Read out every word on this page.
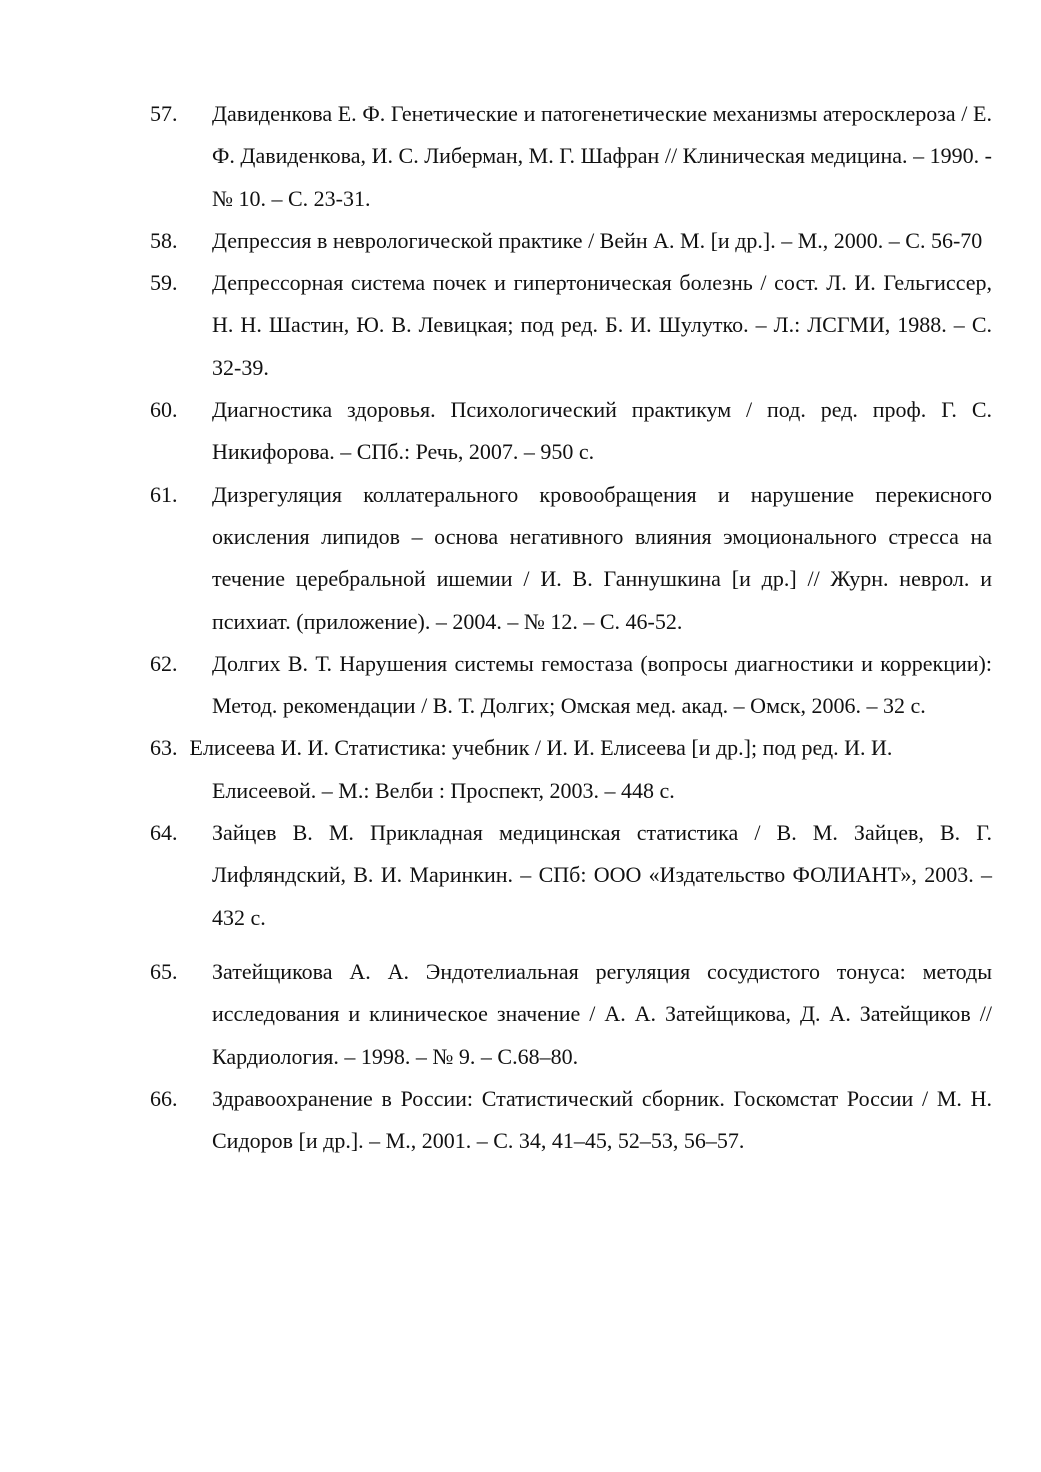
57.	Давиденкова Е. Ф. Генетические и патогенетические механизмы атеросклероза / Е. Ф. Давиденкова, И. С. Либерман, М. Г. Шафран // Клиническая медицина. – 1990. - № 10. – С. 23-31.
58.	Депрессия в неврологической практике / Вейн А. М. [и др.]. – М., 2000. – С. 56-70
59.	Депрессорная система почек и гипертоническая болезнь / сост. Л. И. Гельгиссер, Н. Н. Шастин, Ю. В. Левицкая; под ред. Б. И. Шулутко. – Л.: ЛСГМИ, 1988. – С. 32-39.
60.	Диагностика здоровья. Психологический практикум / под. ред. проф. Г. С. Никифорова. – СПб.: Речь, 2007. – 950 с.
61.	Дизрегуляция коллатерального кровообращения и нарушение перекисного окисления липидов – основа негативного влияния эмоционального стресса на течение церебральной ишемии / И. В. Ганнушкина [и др.] // Журн. неврол. и психиат. (приложение). – 2004. – № 12. – С. 46-52.
62.	Долгих В. Т. Нарушения системы гемостаза (вопросы диагностики и коррекции): Метод. рекомендации / В. Т. Долгих; Омская мед. акад. – Омск, 2006. – 32 с.
63. Елисеева И. И. Статистика: учебник / И. И. Елисеева [и др.]; под ред. И. И. Елисеевой. – М.: Велби : Проспект, 2003. – 448 с.
64.	Зайцев В. М. Прикладная медицинская статистика / В. М. Зайцев, В. Г. Лифляндский, В. И. Маринкин. – СПб: ООО «Издательство ФОЛИАНТ», 2003. – 432 с.
65.	Затейщикова А. А. Эндотелиальная регуляция сосудистого тонуса: методы исследования и клиническое значение / А. А. Затейщикова, Д. А. Затейщиков // Кардиология. – 1998. – № 9. – С.68–80.
66.	Здравоохранение в России: Статистический сборник. Госкомстат России / М. Н. Сидоров [и др.]. – М., 2001. – С. 34, 41–45, 52–53, 56–57.
